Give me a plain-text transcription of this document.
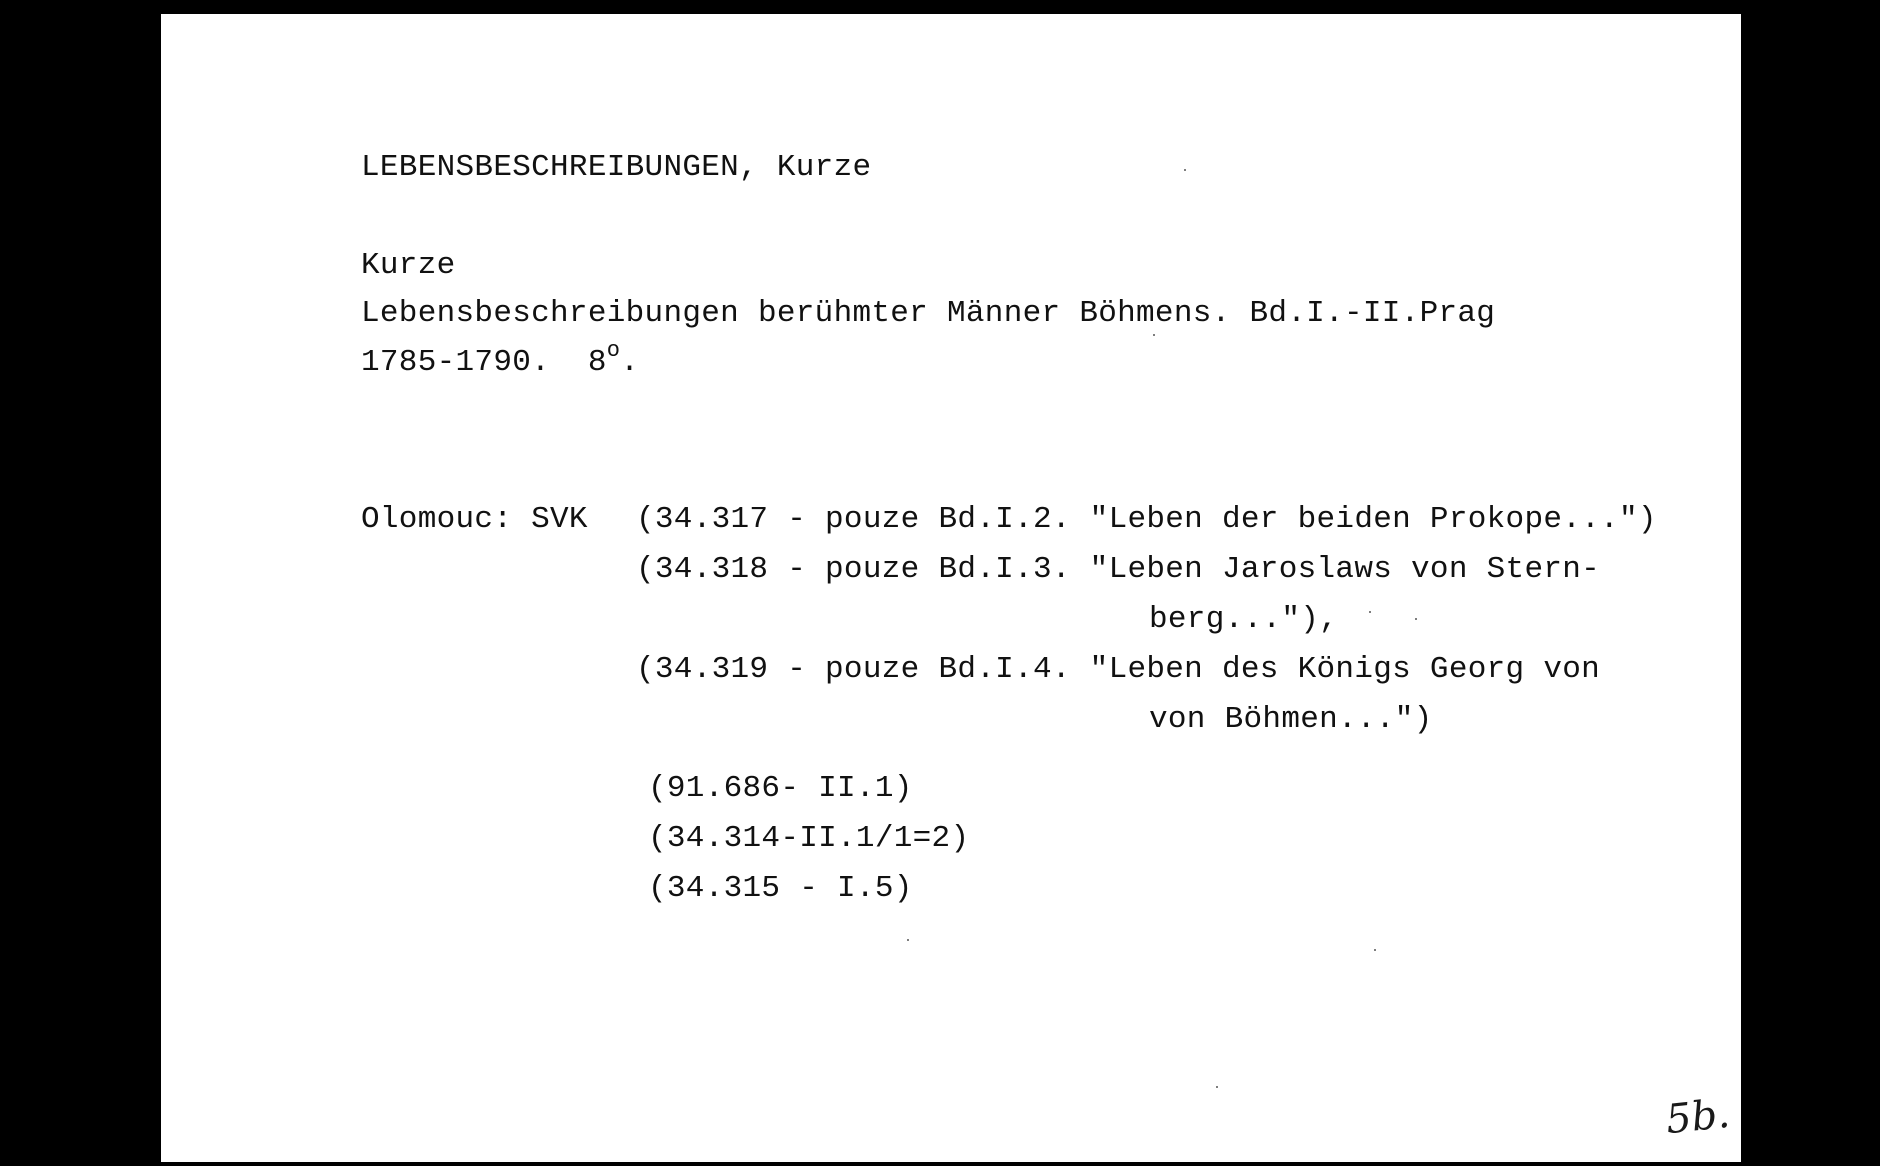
LEBENSBESCHREIBUNGEN, Kurze
Kurze
Lebensbeschreibungen berühmter Männer Böhmens. Bd.I.-II.Prag
1785-1790.  8$^o$.
Olomouc: SVK (34.317 - pouze Bd.I.2. "Leben der beiden Prokope...")
(34.318 - pouze Bd.I.3. "Leben Jaroslaws von Stern-
berg..."),
(34.319 - pouze Bd.I.4. "Leben des Königs Georg von
von Böhmen...")
(91.686- II.1)
(34.314-II.1/1=2)
(34.315 - I.5)
5b.
